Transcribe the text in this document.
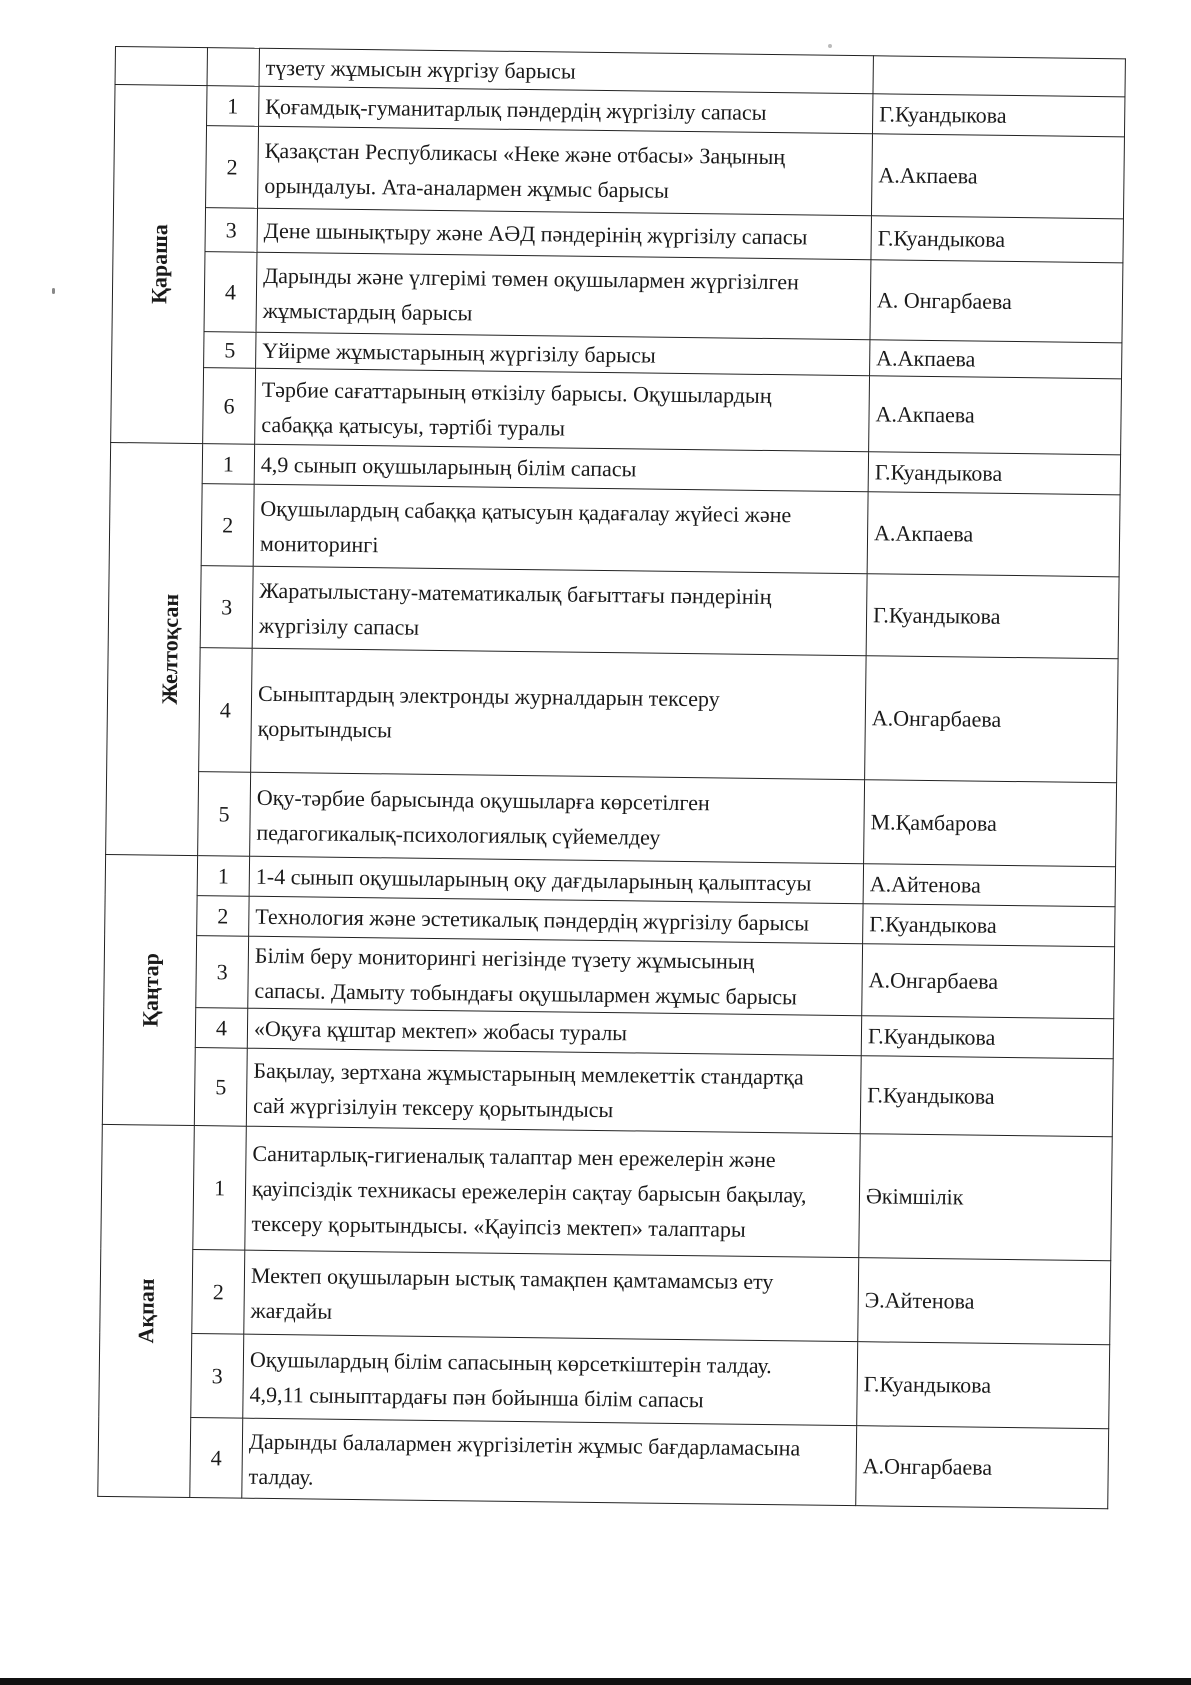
		түзету жұмысын жүргізу барысы	
Қараша	1	Қоғамдық-гуманитарлық пәндердің жүргізілу сапасы	Г.Куандыкова
	2	Қазақстан Республикасы «Неке және отбасы» Заңының
орындалуы. Ата-аналармен жұмыс барысы	А.Акпаева
	3	Дене шынықтыру және АӘД пәндерінің жүргізілу сапасы	Г.Куандыкова
	4	Дарынды және үлгерімі төмен оқушылармен жүргізілген
жұмыстардың барысы	А. Онгарбаева
	5	Үйірме жұмыстарының жүргізілу барысы	А.Акпаева
	6	Тәрбие сағаттарының өткізілу барысы. Оқушылардың
сабаққа қатысуы, тәртібі туралы	А.Акпаева
Желтоқсан	1	4,9 сынып оқушыларының білім сапасы	Г.Куандыкова
	2	Оқушылардың сабаққа қатысуын қадағалау жүйесі және
мониторингі	А.Акпаева
	3	Жаратылыстану-математикалық бағыттағы пәндерінің
жүргізілу сапасы	Г.Куандыкова
	4	Сыныптардың электронды журналдарын тексеру
қорытындысы	А.Онгарбаева
	5	Оқу-тәрбие барысында оқушыларға көрсетілген
педагогикалық-психологиялық сүйемелдеу	М.Қамбарова
Қаңтар	1	1-4 сынып оқушыларының оқу дағдыларының қалыптасуы	А.Айтенова
	2	Технология және эстетикалық пәндердің жүргізілу барысы	Г.Куандыкова
	3	Білім беру мониторингі негізінде түзету жұмысының
сапасы. Дамыту тобындағы оқушылармен жұмыс барысы	А.Онгарбаева
	4	«Оқуға құштар мектеп» жобасы туралы	Г.Куандыкова
	5	Бақылау, зертхана жұмыстарының мемлекеттік стандартқа
сай жүргізілуін тексеру қорытындысы	Г.Куандыкова
Ақпан	1	Санитарлық-гигиеналық талаптар мен ережелерін және
қауіпсіздік техникасы ережелерін сақтау барысын бақылау,
тексеру қорытындысы. «Қауіпсіз мектеп» талаптары	Әкімшілік
	2	Мектеп оқушыларын ыстық тамақпен қамтамамсыз ету
жағдайы	Э.Айтенова
	3	Оқушылардың білім сапасының көрсеткіштерін талдау.
4,9,11 сыныптардағы пән бойынша білім сапасы	Г.Куандыкова
	4	Дарынды балалармен жүргізілетін жұмыс бағдарламасына
талдау.	А.Онгарбаева
